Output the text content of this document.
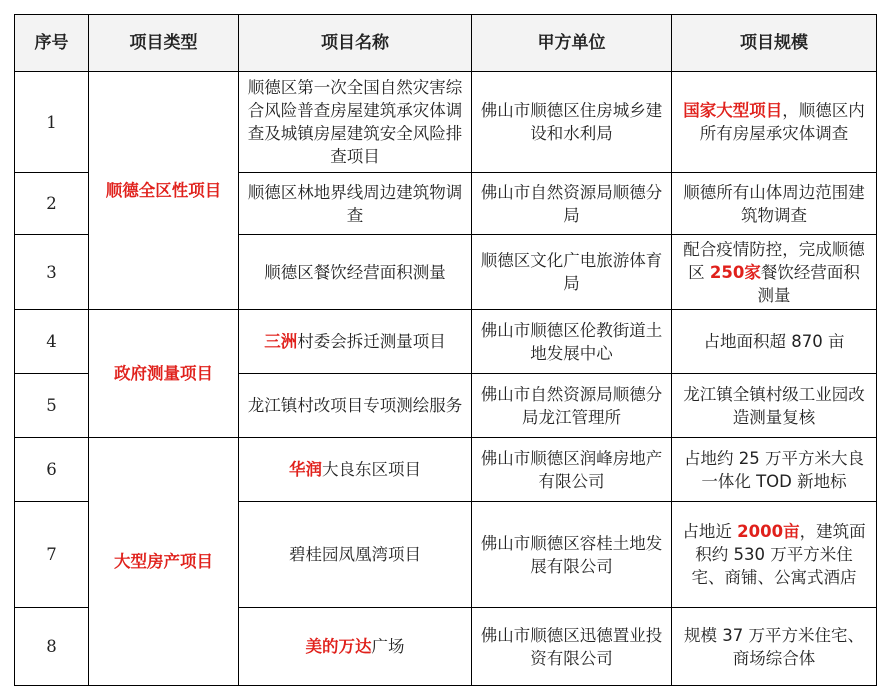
序号	项目类型	项目名称	甲方单位	项目规模
1	顺德全区性项目	顺德区第一次全国自然灾害综合风险普查房屋建筑承灾体调查及城镇房屋建筑安全风险排查项目	佛山市顺德区住房城乡建设和水利局	国家大型项目，顺德区内所有房屋承灾体调查
2		顺德区林地界线周边建筑物调查	佛山市自然资源局顺德分局	顺德所有山体周边范围建筑物调查
3		顺德区餐饮经营面积测量	顺德区文化广电旅游体育局	配合疫情防控，完成顺德区 250家餐饮经营面积测量
4	政府测量项目	三洲村委会拆迁测量项目	佛山市顺德区伦教街道土地发展中心	占地面积超 870 亩
5		龙江镇村改项目专项测绘服务	佛山市自然资源局顺德分局龙江管理所	龙江镇全镇村级工业园改造测量复核
6	大型房产项目	华润大良东区项目	佛山市顺德区润峰房地产有限公司	占地约 25 万平方米大良一体化 TOD 新地标
7		碧桂园凤凰湾项目	佛山市顺德区容桂土地发展有限公司	占地近 2000亩，建筑面积约 530 万平方米住宅、商铺、公寓式酒店
8		美的万达广场	佛山市顺德区迅德置业投资有限公司	规模 37 万平方米住宅、商场综合体
